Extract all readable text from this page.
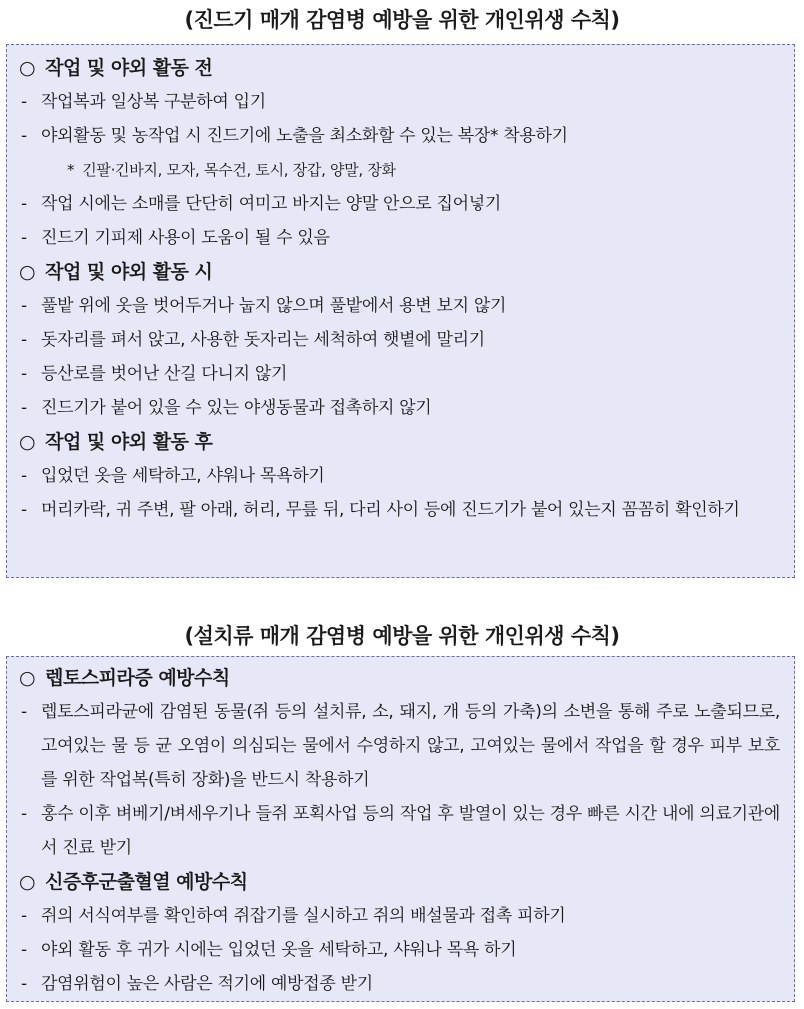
(진드기 매개 감염병 예방을 위한 개인위생 수칙)
○ 작업 및 야외 활동 전
- 작업복과 일상복 구분하여 입기
- 야외활동 및 농작업 시 진드기에 노출을 최소화할 수 있는 복장* 착용하기
* 긴팔·긴바지, 모자, 목수건, 토시, 장갑, 양말, 장화
- 작업 시에는 소매를 단단히 여미고 바지는 양말 안으로 집어넣기
- 진드기 기피제 사용이 도움이 될 수 있음
○ 작업 및 야외 활동 시
- 풀밭 위에 옷을 벗어두거나 눕지 않으며 풀밭에서 용변 보지 않기
- 돗자리를 펴서 앉고, 사용한 돗자리는 세척하여 햇볕에 말리기
- 등산로를 벗어난 산길 다니지 않기
- 진드기가 붙어 있을 수 있는 야생동물과 접촉하지 않기
○ 작업 및 야외 활동 후
- 입었던 옷을 세탁하고, 샤워나 목욕하기
- 머리카락, 귀 주변, 팔 아래, 허리, 무릎 뒤, 다리 사이 등에 진드기가 붙어 있는지 꼼꼼히 확인하기
(설치류 매개 감염병 예방을 위한 개인위생 수칙)
○ 렙토스피라증 예방수칙
- 렙토스피라균에 감염된 동물(쥐 등의 설치류, 소, 돼지, 개 등의 가축)의 소변을 통해 주로 노출되므로, 고여있는 물 등 균 오염이 의심되는 물에서 수영하지 않고, 고여있는 물에서 작업을 할 경우 피부 보호를 위한 작업복(특히 장화)을 반드시 착용하기
- 홍수 이후 벼베기/벼세우기나 들쥐 포획사업 등의 작업 후 발열이 있는 경우 빠른 시간 내에 의료기관에서 진료 받기
○ 신증후군출혈열 예방수칙
- 쥐의 서식여부를 확인하여 쥐잡기를 실시하고 쥐의 배설물과 접촉 피하기
- 야외 활동 후 귀가 시에는 입었던 옷을 세탁하고, 샤워나 목욕 하기
- 감염위험이 높은 사람은 적기에 예방접종 받기
